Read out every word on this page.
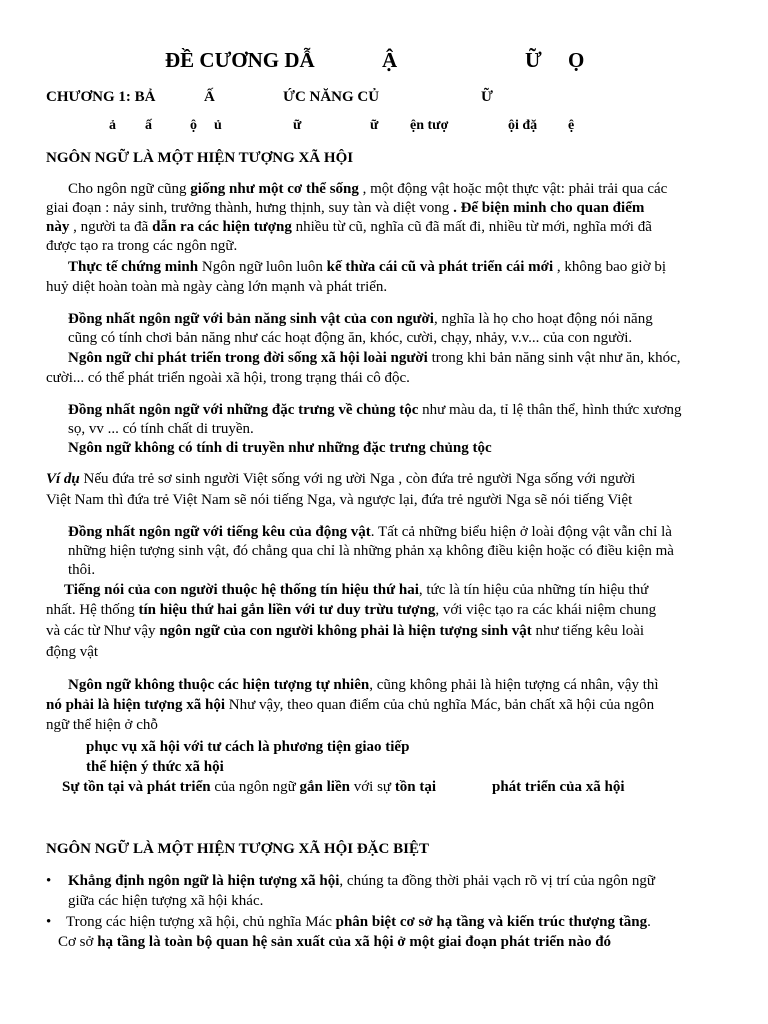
ĐỀ CƯƠNG DẪ	Ậ	Ữ Ọ
CHƯƠNG 1: BẢ	Ấ	ỨC NĂNG CỦ	Ữ
ả ấ	ộ ủ	ữ	ữ ện tượ	ội đặ ệ
NGÔN NGỮ LÀ MỘT HIỆN TƯỢNG XÃ HỘI
Cho ngôn ngữ cũng giống như một cơ thể sống , một động vật hoặc một thực vật: phải trải qua các
giai đoạn : nảy sinh, trưởng thành, hưng thịnh, suy tàn và diệt vong . Để biện minh cho quan điểm
này , người ta đã dẫn ra các hiện tượng nhiều từ cũ, nghĩa cũ đã mất đi, nhiều từ mới, nghĩa mới đã
được tạo ra trong các ngôn ngữ.
Thực tế chứng minh Ngôn ngữ luôn luôn kế thừa cái cũ và phát triển cái mới , không bao giờ bị
huỷ diệt hoàn toàn mà ngày càng lớn mạnh và phát triển.
Đồng nhất ngôn ngữ với bản năng sinh vật của con người, nghĩa là họ cho hoạt động nói năng
cũng có tính chơi bản năng như các hoạt động ăn, khóc, cười, chạy, nhảy, v.v... của con người.
Ngôn ngữ chỉ phát triển trong đời sống xã hội loài người trong khi bản năng sinh vật như ăn, khóc,
cười... có thể phát triển ngoài xã hội, trong trạng thái cô độc.
Đồng nhất ngôn ngữ với những đặc trưng về chủng tộc như màu da, tỉ lệ thân thể, hình thức xương
sọ, vv ... có tính chất di truyền.
Ngôn ngữ không có tính di truyền như những đặc trưng chủng tộc
Ví dụ Nếu đứa trẻ sơ sinh người Việt sống với ng ười Nga , còn đứa trẻ người Nga sống với người
Việt Nam thì đứa trẻ Việt Nam sẽ nói tiếng Nga, và ngược lại, đứa trẻ người Nga sẽ nói tiếng Việt
Đồng nhất ngôn ngữ với tiếng kêu của động vật. Tất cả những biểu hiện ở loài động vật vẫn chỉ là
những hiện tượng sinh vật, đó chẳng qua chỉ là những phản xạ không điều kiện hoặc có điều kiện mà
thôi.
Tiếng nói của con người thuộc hệ thống tín hiệu thứ hai, tức là tín hiệu của những tín hiệu thứ
nhất. Hệ thống tín hiệu thứ hai gắn liền với tư duy trừu tượng, với việc tạo ra các khái niệm chung
và các từ Như vậy ngôn ngữ của con người không phải là hiện tượng sinh vật như tiếng kêu loài
động vật
Ngôn ngữ không thuộc các hiện tượng tự nhiên, cũng không phải là hiện tượng cá nhân, vậy thì
nó phải là hiện tượng xã hội Như vậy, theo quan điểm của chủ nghĩa Mác, bản chất xã hội của ngôn
ngữ thể hiện ở chỗ
phục vụ xã hội với tư cách là phương tiện giao tiếp
thể hiện ý thức xã hội
Sự tồn tại và phát triển của ngôn ngữ gắn liền với sự tồn tại	phát triển của xã hội
NGÔN NGỮ LÀ MỘT HIỆN TƯỢNG XÃ HỘI ĐẶC BIỆT
• Khẳng định ngôn ngữ là hiện tượng xã hội, chúng ta đồng thời phải vạch rõ vị trí của ngôn ngữ
giữa các hiện tượng xã hội khác.
• Trong các hiện tượng xã hội, chủ nghĩa Mác phân biệt cơ sở hạ tầng và kiến trúc thượng tầng.
Cơ sở hạ tầng là toàn bộ quan hệ sản xuất của xã hội ở một giai đoạn phát triển nào đó
